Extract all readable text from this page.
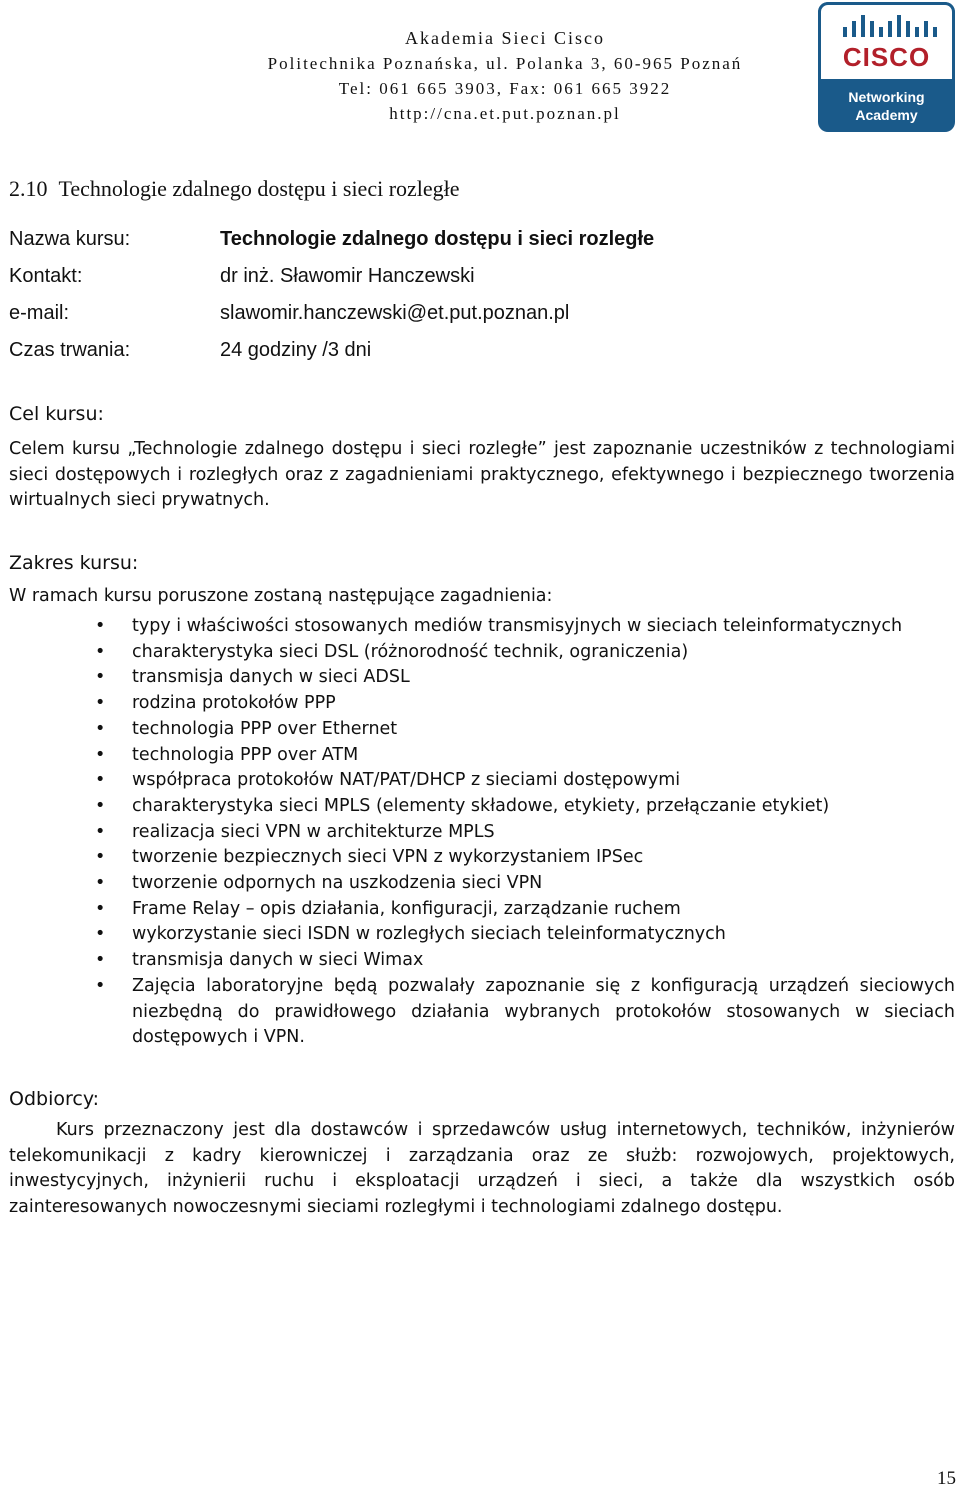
Akademia Sieci Cisco
Politechnika Poznańska, ul. Polanka 3, 60-965 Poznań
Tel: 061 665 3903, Fax: 061 665 3922
http://cna.et.put.poznan.pl
CISCO
Networking
Academy
2.10 Technologie zdalnego dostępu i sieci rozległe
Nazwa kursu:	Technologie zdalnego dostępu i sieci rozległe
Kontakt:	dr inż. Sławomir Hanczewski
e-mail:	slawomir.hanczewski@et.put.poznan.pl
Czas trwania:	24 godziny /3 dni
Cel kursu:
Celem kursu „Technologie zdalnego dostępu i sieci rozległe” jest zapoznanie uczestników z technologiami sieci dostępowych i rozległych oraz z zagadnieniami praktycznego, efektywnego i bezpiecznego tworzenia wirtualnych sieci prywatnych.
Zakres kursu:
W ramach kursu poruszone zostaną następujące zagadnienia:
• typy i właściwości stosowanych mediów transmisyjnych w sieciach teleinformatycznych
• charakterystyka sieci DSL (różnorodność technik, ograniczenia)
• transmisja danych w sieci ADSL
• rodzina protokołów PPP
• technologia PPP over Ethernet
• technologia PPP over ATM
• współpraca protokołów NAT/PAT/DHCP z sieciami dostępowymi
• charakterystyka sieci MPLS (elementy składowe, etykiety, przełączanie etykiet)
• realizacja sieci VPN w architekturze MPLS
• tworzenie bezpiecznych sieci VPN z wykorzystaniem IPSec
• tworzenie odpornych na uszkodzenia sieci VPN
• Frame Relay – opis działania, konfiguracji, zarządzanie ruchem
• wykorzystanie sieci ISDN w rozległych sieciach teleinformatycznych
• transmisja danych w sieci Wimax
• Zajęcia laboratoryjne będą pozwalały zapoznanie się z konfiguracją urządzeń sieciowych niezbędną do prawidłowego działania wybranych protokołów stosowanych w sieciach dostępowych i VPN.
Odbiorcy:
Kurs przeznaczony jest dla dostawców i sprzedawców usług internetowych, techników, inżynierów telekomunikacji z kadry kierowniczej i zarządzania oraz ze służb: rozwojowych, projektowych, inwestycyjnych, inżynierii ruchu i eksploatacji urządzeń i sieci, a także dla wszystkich osób zainteresowanych nowoczesnymi sieciami rozległymi i technologiami zdalnego dostępu.
15
